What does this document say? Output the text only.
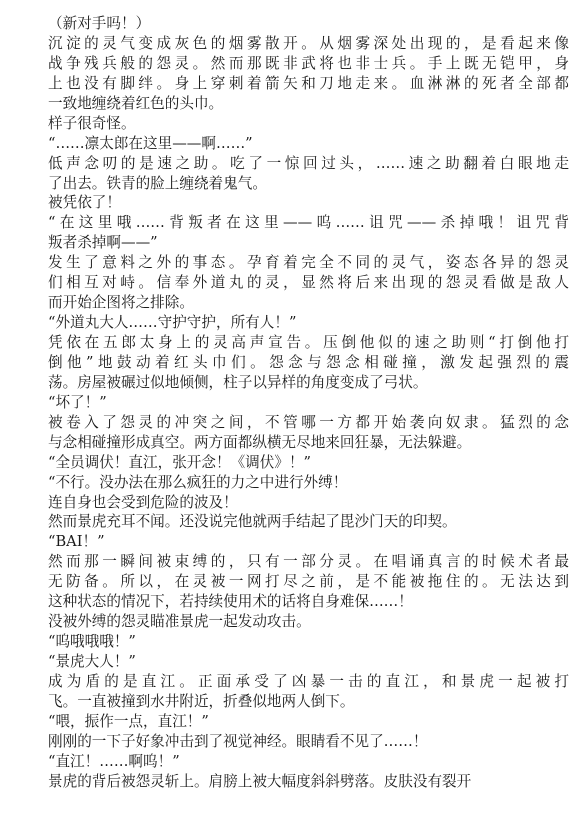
（新对手吗！）
沉淀的灵气变成灰色的烟雾散开。从烟雾深处出现的，是看起来像
战争残兵般的怨灵。然而那既非武将也非士兵。手上既无铠甲，身
上也没有脚绊。身上穿刺着箭矢和刀地走来。血淋淋的死者全部都
一致地缠绕着红色的头巾。
样子很奇怪。
“……凛太郎在这里——啊……”
低声念叨的是速之助。吃了一惊回过头，……速之助翻着白眼地走
了出去。铁青的脸上缠绕着鬼气。
被凭依了！
“在这里哦……背叛者在这里——呜……诅咒——杀掉哦！诅咒背
叛者杀掉啊——”
发生了意料之外的事态。孕育着完全不同的灵气，姿态各异的怨灵
们相互对峙。信奉外道丸的灵，显然将后来出现的怨灵看做是敌人
而开始企图将之排除。
“外道丸大人……守护守护，所有人！”
凭依在五郎太身上的灵高声宣告。压倒他似的速之助则“打倒他打
倒他”地鼓动着红头巾们。怨念与怨念相碰撞，激发起强烈的震
荡。房屋被碾过似地倾侧，柱子以异样的角度变成了弓状。
“坏了！”
被卷入了怨灵的冲突之间，不管哪一方都开始袭向奴隶。猛烈的念
与念相碰撞形成真空。两方面都纵横无尽地来回狂暴，无法躲避。
“全员调伏！直江，张开念！《调伏》！”
“不行。没办法在那么疯狂的力之中进行外缚！
连自身也会受到危险的波及！
然而景虎充耳不闻。还没说完他就两手结起了毘沙门天的印契。
“BAI！”
然而那一瞬间被束缚的，只有一部分灵。在唱诵真言的时候术者最
无防备。所以，在灵被一网打尽之前，是不能被拖住的。无法达到
这种状态的情况下，若持续使用术的话将自身难保……！
没被外缚的怨灵瞄准景虎一起发动攻击。
“呜哦哦哦！”
“景虎大人！”
成为盾的是直江。正面承受了凶暴一击的直江，和景虎一起被打
飞。一直被撞到水井附近，折叠似地两人倒下。
“喂，振作一点，直江！”
刚刚的一下子好象冲击到了视觉神经。眼睛看不见了……！
“直江！……啊呜！”
景虎的背后被怨灵斩上。肩膀上被大幅度斜斜劈落。皮肤没有裂开
